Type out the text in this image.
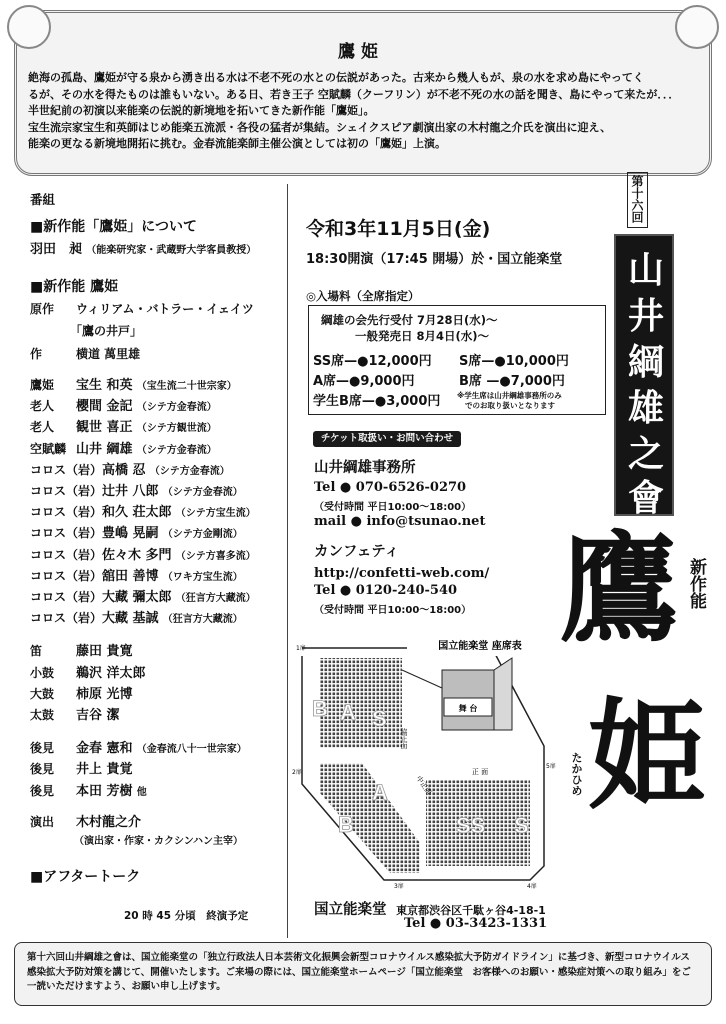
鷹姫

絶海の孤島、鷹姫が守る泉から湧き出る水は不老不死の水との伝説があった。古来から幾人もが、泉の水を求め島にやってく

るが、その水を得たものは誰もいない。ある日、若き王子 空賦麟（クーフリン）が不老不死の水の話を聞き、島にやって来たが．．．

半世紀前の初演以来能楽の伝説的新境地を拓いてきた新作能「鷹姫」。

宝生流宗家宝生和英師はじめ能楽五流派・各役の猛者が集結。シェイクスピア劇演出家の木村龍之介氏を演出に迎え、

能楽の更なる新境地開拓に挑む。金春流能楽師主催公演としては初の「鷹姫」上演。

番組
■新作能「鷹姫」について
羽田　昶 （能楽研究家・武蔵野大学客員教授）
■新作能 鷹姫
原作 ウィリアム・バトラー・イェイツ
「鷹の井戸」
作	横道 萬里雄
鷹姫 宝生 和英 （宝生流二十世宗家）
老人 櫻間 金記 （シテ方金春流）
老人 観世 喜正 （シテ方観世流）
空賦麟 山井 綱雄 （シテ方金春流）
コロス（岩）高橋 忍 （シテ方金春流）
コロス（岩）辻井 八郎 （シテ方金春流）
コロス（岩）和久 荘太郎 （シテ方宝生流）
コロス（岩）豊嶋 晃嗣 （シテ方金剛流）
コロス（岩）佐々木 多門 （シテ方喜多流）
コロス（岩）舘田 善博 （ワキ方宝生流）
コロス（岩）大藏 彌太郎 （狂言方大藏流）
コロス（岩）大藏 基誠 （狂言方大藏流）
笛	藤田 貴寛
小鼓 鵜沢 洋太郎
大鼓 柿原 光博
太鼓 吉谷 潔
後見 金春 憲和 （金春流八十一世宗家）
後見 井上 貴覚
後見 本田 芳樹 他
演出 木村龍之介
（演出家・作家・カクシンハン主宰）
■アフタートーク
20 時 45 分頃　終演予定
令和3年11月5日(金)
18:30開演（17:45 開場）於・国立能楽堂
◎入場料（全席指定）
綱雄の会先行受付 7月28日(水)～
一般発売日 8月4日(水)～
SS席—●12,000円 S席—●10,000円
A席—●9,000円	B席 —●7,000円
学生B席—●3,000円 ※学生席は山井綱雄事務所のみ
でのお取り扱いとなります
チケット取扱い・お問い合わせ
山井綱雄事務所
Tel ● 070-6526-0270
（受付時間 平日10:00～18:00）
mail ● info@tsunao.net
カンフェティ
http://confetti-web.com/
Tel ● 0120-240-540
（受付時間 平日10:00～18:00）
第十六回
山
井
綱
雄
之
會
新作能
鷹
姫
たかひめ
国立能楽堂 座席表
舞 台
脇正面
中正面
正 面
1扉
2扉
3扉	4扉
5扉
B A S
A
B	SS S
国立能楽堂 東京都渋谷区千駄ヶ谷4-18-1
Tel ● 03-3423-1331
第十六回山井綱雄之會は、国立能楽堂の「独立行政法人日本芸術文化振興会新型コロナウイルス感染拡大予防ガイドライン」に基づき、新型コロナウイルス感染拡大予防対策を講じて、開催いたします。ご来場の際には、国立能楽堂ホームページ「国立能楽堂　お客様へのお願い・感染症対策への取り組み」をご一読いただけますよう、お願い申し上げます。
